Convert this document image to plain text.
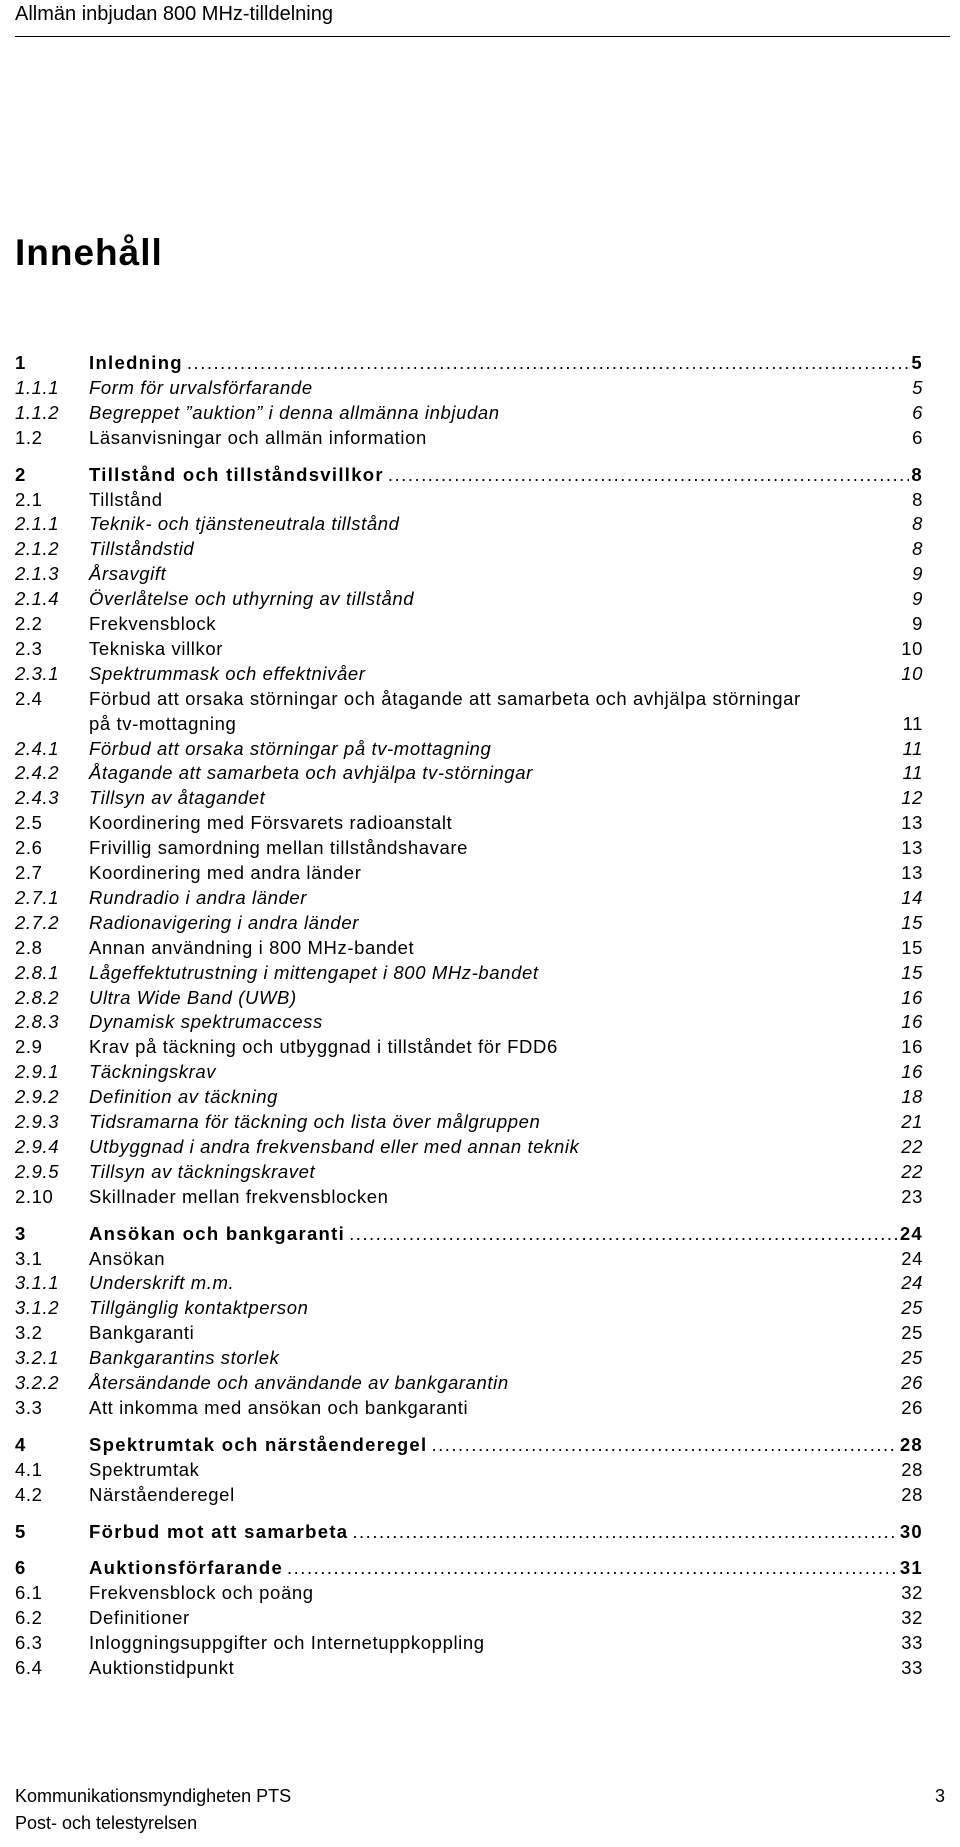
Allmän inbjudan 800 MHz-tilldelning
Innehåll
1	Inledning .....	5
1.1.1	Form för urvalsförfarande	5
1.1.2	Begreppet ”auktion” i denna allmänna inbjudan	6
1.2	Läsanvisningar och allmän information	6
2	Tillstånd och tillståndsvillkor .....	8
2.1	Tillstånd	8
2.1.1	Teknik- och tjänsteneutrala tillstånd	8
2.1.2	Tillståndstid	8
2.1.3	Årsavgift	9
2.1.4	Överlåtelse och uthyrning av tillstånd	9
2.2	Frekvensblock	9
2.3	Tekniska villkor	10
2.3.1	Spektrummask och effektnivåer	10
2.4	Förbud att orsaka störningar och åtagande att samarbeta och avhjälpa störningar
på tv-mottagning	11
2.4.1	Förbud att orsaka störningar på tv-mottagning	11
2.4.2	Åtagande att samarbeta och avhjälpa tv-störningar	11
2.4.3	Tillsyn av åtagandet	12
2.5	Koordinering med Försvarets radioanstalt	13
2.6	Frivillig samordning mellan tillståndshavare	13
2.7	Koordinering med andra länder	13
2.7.1	Rundradio i andra länder	14
2.7.2	Radionavigering i andra länder	15
2.8	Annan användning i 800 MHz-bandet	15
2.8.1	Lågeffektutrustning i mittengapet i 800 MHz-bandet	15
2.8.2	Ultra Wide Band (UWB)	16
2.8.3	Dynamisk spektrumaccess	16
2.9	Krav på täckning och utbyggnad i tillståndet för FDD6	16
2.9.1	Täckningskrav	16
2.9.2	Definition av täckning	18
2.9.3	Tidsramarna för täckning och lista över målgruppen	21
2.9.4	Utbyggnad i andra frekvensband eller med annan teknik	22
2.9.5	Tillsyn av täckningskravet	22
2.10	Skillnader mellan frekvensblocken	23
3	Ansökan och bankgaranti .....	24
3.1	Ansökan	24
3.1.1	Underskrift m.m.	24
3.1.2	Tillgänglig kontaktperson	25
3.2	Bankgaranti	25
3.2.1	Bankgarantins storlek	25
3.2.2	Återsändande och användande av bankgarantin	26
3.3	Att inkomma med ansökan och bankgaranti	26
4	Spektrumtak och närståenderegel .....	28
4.1	Spektrumtak	28
4.2	Närståenderegel	28
5	Förbud mot att samarbeta .....	30
6	Auktionsförfarande .....	31
6.1	Frekvensblock och poäng	32
6.2	Definitioner	32
6.3	Inloggningsuppgifter och Internetuppkoppling	33
6.4	Auktionstidpunkt	33
Kommunikationsmyndigheten PTS	3
Post- och telestyrelsen
